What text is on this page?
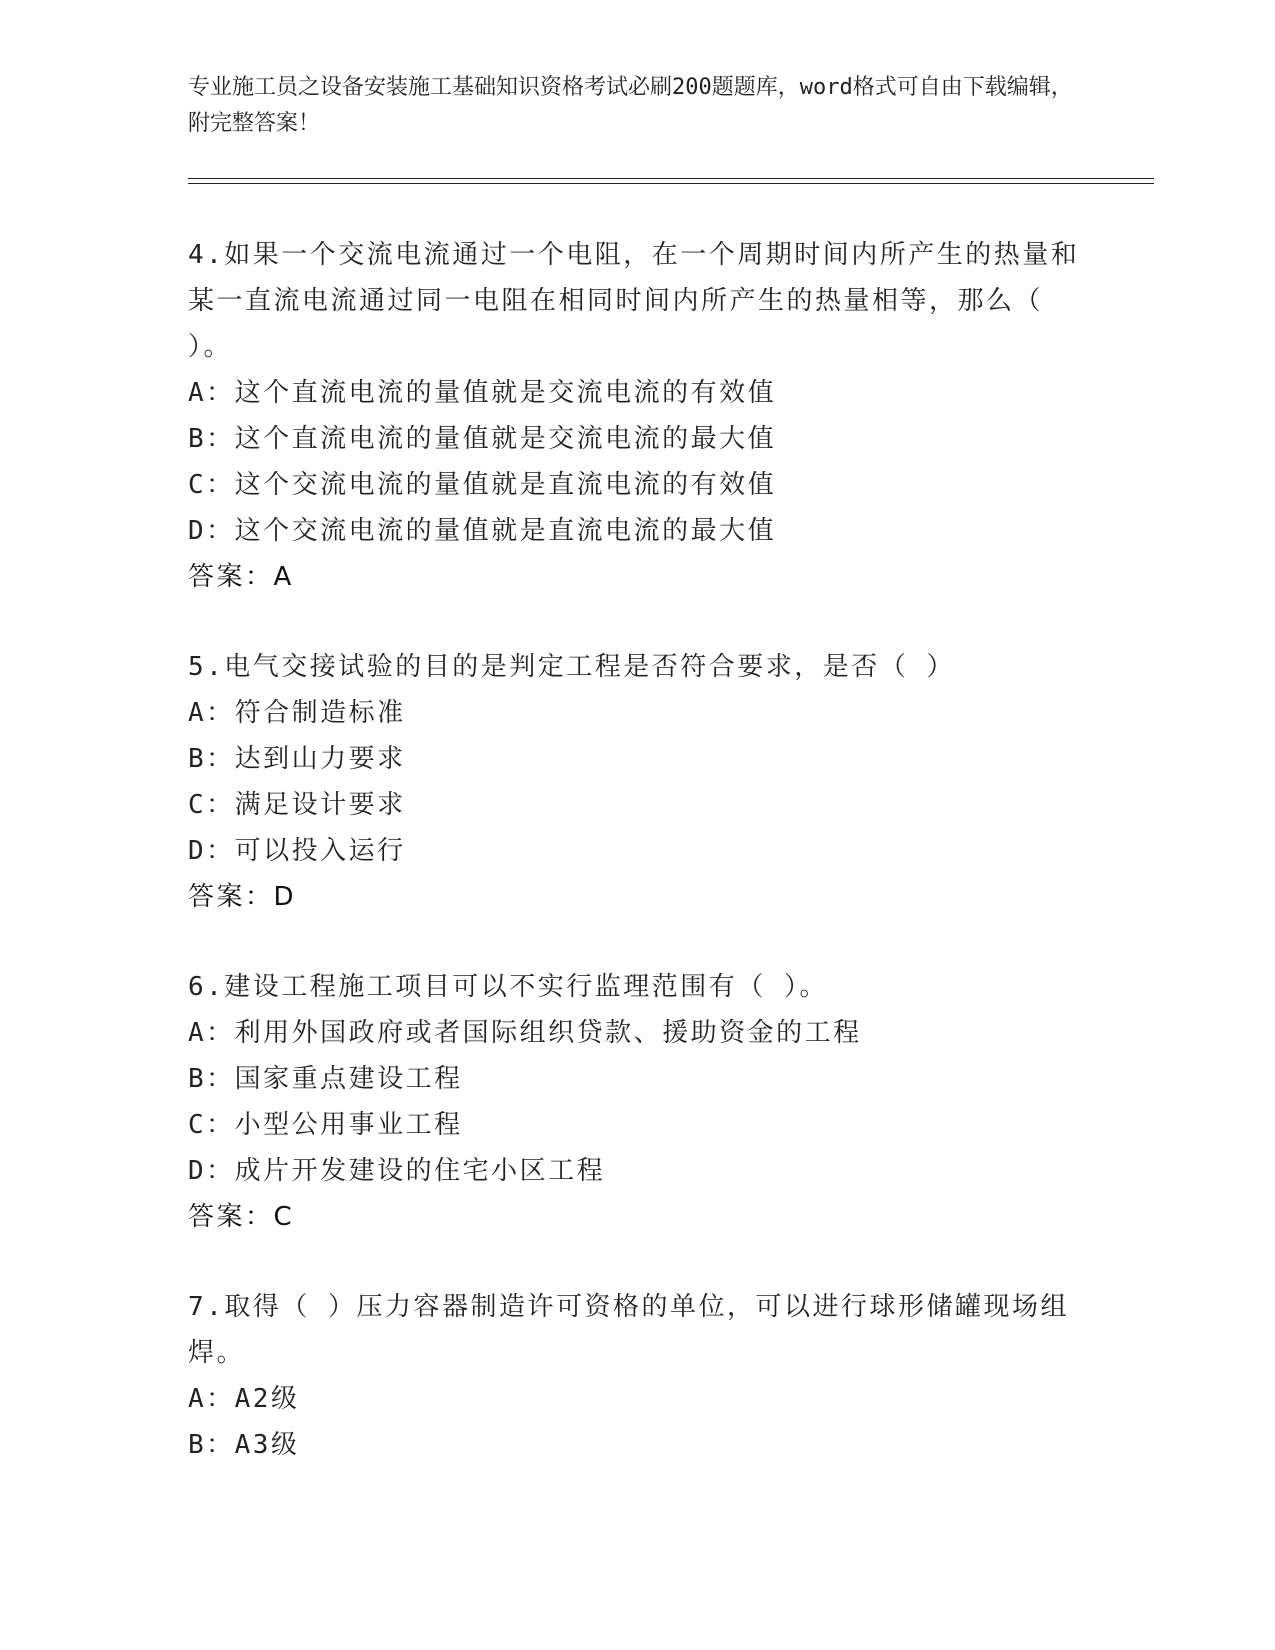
专业施工员之设备安装施工基础知识资格考试必刷200题题库，word格式可自由下载编辑，附完整答案！
4.如果一个交流电流通过一个电阻，在一个周期时间内所产生的热量和某一直流电流通过同一电阻在相同时间内所产生的热量相等，那么（ ）。
A：这个直流电流的量值就是交流电流的有效值
B：这个直流电流的量值就是交流电流的最大值
C：这个交流电流的量值就是直流电流的有效值
D：这个交流电流的量值就是直流电流的最大值
答案：A
5.电气交接试验的目的是判定工程是否符合要求，是否（ ）
A：符合制造标准
B：达到山力要求
C：满足设计要求
D：可以投入运行
答案：D
6.建设工程施工项目可以不实行监理范围有（ ）。
A：利用外国政府或者国际组织贷款、援助资金的工程
B：国家重点建设工程
C：小型公用事业工程
D：成片开发建设的住宅小区工程
答案：C
7.取得（ ）压力容器制造许可资格的单位，可以进行球形储罐现场组焊。
A：A2级
B：A3级
